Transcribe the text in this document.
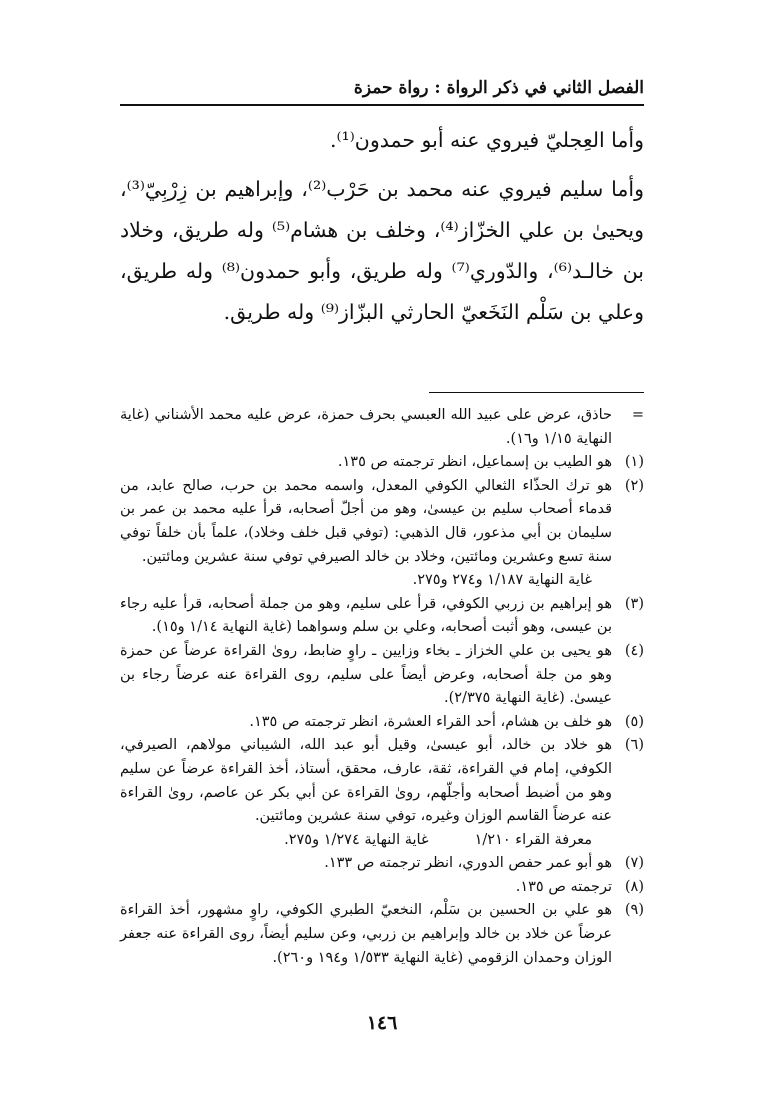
الفصل الثاني في ذكر الرواة : رواة حمزة

وأما العِجليّ فيروي عنه أبو حمدون⁽¹⁾.

وأما سليم فيروي عنه محمد بن حَرْب⁽²⁾، وإبراهيم بن زِرْبِيّ⁽³⁾، ويحيىٰ بن علي الخزّاز⁽⁴⁾، وخلف بن هشام⁽⁵⁾ وله طريق، وخلاد بن خالـد⁽⁶⁾، والدّوري⁽⁷⁾ وله طريق، وأبو حمدون⁽⁸⁾ وله طريق، وعلي بن سَلْم النَخَعيّ الحارثي البزّاز⁽⁹⁾ وله طريق.

=
حاذق، عرض على عبيد الله العبسي بحرف حمزة، عرض عليه محمد الأشناني (غاية النهاية ١/١٥ و١٦).
(١)
هو الطيب بن إسماعيل، انظر ترجمته ص ١٣٥.
(٢)
هو ترك الحذّاء الثعالي الكوفي المعدل، واسمه محمد بن حرب، صالح عابد، من قدماء أصحاب سليم بن عيسىٰ، وهو من أجلّ أصحابه، قرأ عليه محمد بن عمر بن سليمان بن أبي مذعور، قال الذهبي: (توفي قبل خلف وخلاد)، علماً بأن خلفاً توفي سنة تسع وعشرين ومائتين، وخلاد بن خالد الصيرفي توفي سنة عشرين ومائتين.
غاية النهاية ١/١٨٧ و٢٧٤ و٢٧٥.
(٣)
هو إبراهيم بن زربي الكوفي، قرأ على سليم، وهو من جملة أصحابه، قرأ عليه رجاء بن عيسى، وهو أثبت أصحابه، وعلي بن سلم وسواهما (غاية النهاية ١/١٤ و١٥).
(٤)
هو يحيى بن علي الخزاز ـ بخاء وزايين ـ راوٍ ضابط، روىٰ القراءة عرضاً عن حمزة وهو من جلة أصحابه، وعرض أيضاً على سليم، روى القراءة عنه عرضاً رجاء بن عيسىٰ. (غاية النهاية ٢/٣٧٥).
(٥)
هو خلف بن هشام، أحد القراء العشرة، انظر ترجمته ص ١٣٥.
(٦)
هو خلاد بن خالد، أبو عيسىٰ، وقيل أبو عبد الله، الشيباني مولاهم، الصيرفي، الكوفي، إمام في القراءة، ثقة، عارف، محقق، أستاذ، أخذ القراءة عرضاً عن سليم وهو من أضبط أصحابه وأجلّهم، روىٰ القراءة عن أبي بكر عن عاصم، روىٰ القراءة عنه عرضاً القاسم الوزان وغيره، توفي سنة عشرين ومائتين.
معرفة القراء ١/٢١٠          غاية النهاية ١/٢٧٤ و٢٧٥.
(٧)
هو أبو عمر حفص الدوري، انظر ترجمته ص ١٣٣.
(٨)
ترجمته ص ١٣٥.
(٩)
هو علي بن الحسين بن سَلْم، النخعيّ الطبري الكوفي، راوٍ مشهور، أخذ القراءة عرضاً عن خلاد بن خالد وإبراهيم بن زربي، وعن سليم أيضاً، روى القراءة عنه جعفر الوزان وحمدان الزقومي (غاية النهاية ١/٥٣٣ و١٩٤ و٢٦٠).
١٤٦
